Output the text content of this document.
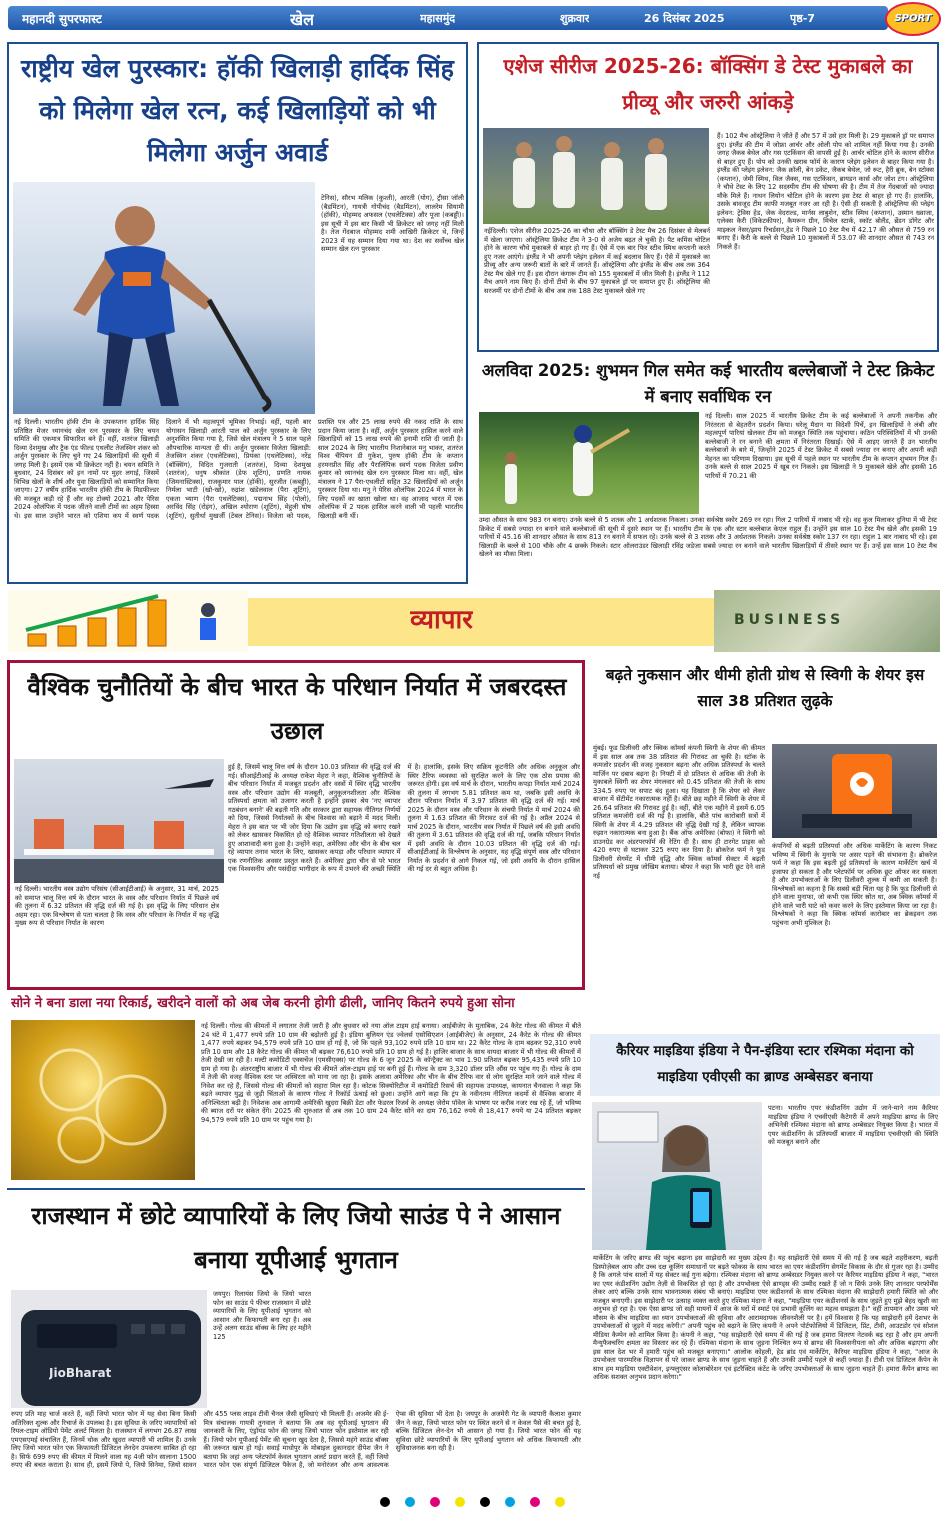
महानदी सुपरफास्ट	खेल	महासमुंद	शुक्रवार	26 दिसंबर 2025	पृष्ठ-7	SPORT
राष्ट्रीय खेल पुरस्कार: हॉकी खिलाड़ी हार्दिक सिंह को मिलेगा खेल रत्न, कई खिलाड़ियों को भी मिलेगा अर्जुन अवार्ड
टेनिस), सौरभ मलिक (कुश्ती), आरती (योग), ट्रीसा जॉली (बैडमिंटन), गायत्री गोपीचंद (बैडमिंटन), लालरेम सियामी (हॉकी), मोहम्मद अफसल (एथलेटिक्स) और पूजा (कबड्डी)। इस सूची में इस बार किसी भी क्रिकेटर को जगह नहीं मिली है। तेज गेंदबाज मोहम्मद शमी आखिरी क्रिकेटर थे, जिन्हें 2023 में यह सम्मान दिया गया था। देश का सर्वोच्च खेल सम्मान खेल रत्न पुरस्कार
नई दिल्ली। भारतीय हॉकी टीम के उपकप्तान हार्दिक सिंह प्रतिष्ठित मेजर ध्यानचंद खेल रत्न पुरस्कार के लिए चयन समिति की एकमात्र सिफारिश बने हैं। वहीं, शतरंज खिलाड़ी दिव्या देशमुख और ट्रैक एंड फील्ड एथलीट तेजस्विन शंकर को अर्जुन पुरस्कार के लिए चुने गए 24 खिलाड़ियों की सूची में जगह मिली है। इसमें एक भी क्रिकेटर नहीं है। चयन समिति ने बुधवार, 24 दिसंबर को इन नामों पर मुहर लगाई, जिसमें विभिन्न खेलों के शीर्ष और युवा खिलाड़ियों को सम्मानित किया जाएगा। 27 वर्षीय हार्दिक भारतीय हॉकी टीम के मिडफील्डर की मजबूत कड़ी रहे हैं और वह टोक्यो 2021 और पेरिस 2024 ओलंपिक में पदक जीतने वाली टीमों का अहम हिस्सा थे। इस साल उन्होंने भारत को एशिया कप में स्वर्ण पदक दिलाने में भी महत्वपूर्ण भूमिका निभाई। वहीं, पहली बार योगासन खिलाड़ी आरती पाल को अर्जुन पुरस्कार के लिए अनुशंसित किया गया है, जिसे खेल मंत्रालय ने 5 साल पहले औपचारिक मान्यता दी थी। अर्जुन पुरस्कार विजेता खिलाड़ी: तेजस्विन शंकर (एथलेटिक्स), प्रियंका (एथलेटिक्स), नरेंद्र (बॉक्सिंग), विदित गुजराती (शतरंज), दिव्या देशमुख (शतरंज), धनुष श्रीकांत (डेफ शूटिंग), प्रणति नायक (जिमनास्टिक्स), राजकुमार पाल (हॉकी), सुरजीत (कबड्डी), निर्मला भाटी (खो-खो), रुद्रांश खंडेलवाल (पैरा शूटिंग), एकता भ्याण (पैरा एथलेटिक्स), पद्मनाभ सिंह (पोलो), अरविंद सिंह (रोइंग), अखिल श्योराण (शूटिंग), मेहुली घोष (शूटिंग), सुतीर्था मुखर्जी (टेबल टेनिस)। विजेता को पदक, प्रशस्ति पत्र और 25 लाख रुपये की नकद राशि के साथ प्रदान किया जाता है। वहीं, अर्जुन पुरस्कार हासिल करने वाले खिलाड़ियों को 15 लाख रुपये की इनामी राशि दी जाती है। साल 2024 के लिए भारतीय निशानेबाज मनु भाकर, शतरंज विश्व चैंपियन डी गुकेश, पुरुष हॉकी टीम के कप्तान हरमनप्रीत सिंह और पैरालिंपिक स्वर्ण पदक विजेता प्रवीण कुमार को ध्यानचंद खेल रत्न पुरस्कार मिला था। वहीं, खेल मंत्रालय ने 17 पैरा-एथलीटों सहित 32 खिलाड़ियों को अर्जुन पुरस्कार दिया था। मनु ने पेरिस ओलंपिक 2024 में भारत के लिए पदकों का खाता खोला था। वह आजाद भारत में एक ओलंपिक में 2 पदक हासिल करने वाली भी पहली भारतीय खिलाड़ी बनी थीं।
एशेज सीरीज 2025-26: बॉक्सिंग डे टेस्ट मुकाबले का प्रीव्यू और जरुरी आंकड़े
नईदिल्ली। एशेज सीरीज 2025-26 का चौथा और बॉक्सिंग डे टेस्ट मैच 26 दिसंबर से मेलबर्न में खेला जाएगा। ऑस्ट्रेलिया क्रिकेट टीम ने 3-0 से अजेय बढ़त ले चुकी है। पैट कमिंस चोटिल होने के कारण चौथे मुकाबले से बाहर हो गए हैं। ऐसे में एक बार फिर स्टीव स्मिथ कप्तानी करते हुए नजर आएंगे। इंग्लैंड ने भी अपनी प्लेइंग इलेवन में कई बदलाव किए हैं। ऐसे में मुकाबले का प्रीव्यू और अन्य जरूरी बातों के बारे में जानते हैं। ऑस्ट्रेलिया और इंग्लैंड के बीच अब तक 364 टेस्ट मैच खेले गए हैं। इस दौरान कंगारू टीम को 155 मुकाबलों में जीत मिली है। इंग्लैंड ने 112 मैच अपने नाम किए हैं। दोनों टीमों के बीच 97 मुकाबले ड्रॉ पर समाप्त हुए हैं। ऑस्ट्रेलिया की सरजमीं पर दोनों टीमों के बीच अब तक 188 टेस्ट मुकाबले खेले गए
हैं। 102 मैच ऑस्ट्रेलिया ने जीते हैं और 57 में उसे हार मिली है। 29 मुकाबले ड्रॉ पर समाप्त हुए। इंग्लैंड की टीम में जोफ्रा आर्चर और ओली पोप को शामिल नहीं किया गया है। उनकी जगह जैकब बेथेल और गस एटकिंसन की वापसी हुई है। आर्चर चोटिल होने के कारण सीरीज से बाहर हुए हैं। पोप को उनकी खराब फॉर्म के कारण प्लेइंग इलेवन से बाहर किया गया है। इंग्लैंड की प्लेइंग इलेवन: जैक क्रॉली, बेन डकेट, जैकब बेथेल, जो रूट, हैरी ब्रूक, बेन स्टोक्स (कप्तान), जेमी स्मिथ, विल जैक्स, गस एटकिंसन, ब्रायडन कार्स और जोश टंग। ऑस्ट्रेलिया ने चौथे टेस्ट के लिए 12 सदस्यीय टीम की घोषणा की है। टीम में तेज गेंदबाजों को ज्यादा मौके मिले हैं। नाथन लियोन चोटिल होने के कारण इस टेस्ट से बाहर हो गए हैं। हालांकि, उसके बावजूद टीम काफी मजबूत नजर आ रही है। ऐसी ही सकती है ऑस्ट्रेलिया की प्लेइंग इलेवन: ट्रेविस हेड, जेक वेदराल्ड, मार्नस लाबुशेन, स्टीव स्मिथ (कप्तान), उस्मान ख्वाजा, एलेक्स कैरी (विकेटकीपर), कैमरून ग्रीन, मिचेल स्टार्क, स्कॉट बोलैंड, ब्रेंडन डॉगेट और माइकल नेसर/झाय रिचर्डसन,हेड ने पिछले 10 टेस्ट मैच में 42.17 की औसत से 759 रन बनाए हैं। कैरी के बल्ले से पिछले 10 मुकाबलों में 53.07 की शानदार औसत से 743 रन निकले हैं।
अलविदा 2025: शुभमन गिल समेत कई भारतीय बल्लेबाजों ने टेस्ट क्रिकेट में बनाए सर्वाधिक रन
नई दिल्ली। साल 2025 में भारतीय क्रिकेट टीम के कई बल्लेबाजों ने अपनी तकनीक और निरंतरता से बेहतरीन प्रदर्शन किया। घरेलू मैदान या विदेशी पिचें, इन खिलाड़ियों ने लंबी और महत्वपूर्ण पारियां खेलकर टीम को मजबूत स्थिति तक पहुंचाया। कठिन परिस्थितियों में भी उनकी बल्लेबाजी ने रन बनाने की क्षमता में निरंतरता दिखाई। ऐसे में आइए जानते हैं उन भारतीय बल्लेबाजों के बारे में, जिन्होंने 2025 में टेस्ट क्रिकेट में सबसे ज्यादा रन बनाए और अपनी कड़ी मेहनत का परिणाम दिखाया। इस सूची में पहले स्थान पर भारतीय टीम के कप्तान शुभमन गिल हैं। उनके बल्ले से साल 2025 में खूब रन निकले। इस खिलाड़ी ने 9 मुकाबले खेले और इसकी 16 पारियों में 70.21 की
उम्दा औसत के साथ 983 रन बनाए। उनके बल्ले से 5 शतक और 1 अर्धशतक निकला। उनका सर्वश्रेष्ठ स्कोर 269 रन रहा। गिल 2 पारियों में नाबाद भी रहे। वह कुल मिलाकर दुनिया में भी टेस्ट क्रिकेट में सबसे ज्यादा रन बनाने वाले बल्लेबाजों की सूची में दूसरे स्थान पर हैं। भारतीय टीम के एक और स्टार बल्लेबाज केएल राहुल हैं। उन्होंने इस साल 10 टेस्ट मैच खेले और इसकी 19 पारियों में 45.16 की शानदार औसत के साथ 813 रन बनाने में सफल रहे। उनके बल्ले से 3 शतक और 3 अर्धशतक निकले। उनका सर्वश्रेष्ठ स्कोर 137 रन रहा। राहुल 1 बार नाबाद भी रहे। इस खिलाड़ी के बल्ले से 100 चौके और 4 छक्के निकले। स्टार ऑलराउंडर खिलाड़ी रविंद्र जडेजा सबसे ज्यादा रन बनाने वाले भारतीय खिलाड़ियों में तीसरे स्थान पर हैं। उन्हें इस साल 10 टेस्ट मैच खेलने का मौका मिला।
व्यापार	BUSINESS
वैश्विक चुनौतियों के बीच भारत के परिधान निर्यात में जबरदस्त उछाल
नई दिल्ली। भारतीय वस्त्र उद्योग परिसंघ (सीआईटीआई) के अनुसार, 31 मार्च, 2025 को समाप्त चालू वित्त वर्ष के दौरान भारत के वस्त्र और परिधान निर्यात में पिछले वर्ष की तुलना में 6.32 प्रतिशत की वृद्धि दर्ज की गई है। इस वृद्धि के लिए परिधान क्षेत्र अहम रहा। एक विश्लेषण से पता चलता है कि वस्त्र और परिधान के निर्यात में यह वृद्धि मुख्य रूप से परिधान निर्यात के कारण
हुई है, जिसमें चालू वित्त वर्ष के दौरान 10.03 प्रतिशत की वृद्धि दर्ज की गई। सीआईटीआई के अध्यक्ष राकेश मेहरा ने कहा, वैश्विक चुनौतियों के बीच परिधान निर्यात में मजबूत प्रदर्शन और वस्त्रों में स्थिर वृद्धि भारतीय वस्त्र और परिधान उद्योग की मजबूती, अनुकूलनशीलता और वैश्विक प्रतिस्पर्धा क्षमता को उजागर करती है इन्होंने इसका श्रेय 'नए व्यापार गठबंधन बनाने' की बढ़ती गति और सरकार द्वारा सहायक नीतिगत निर्णयों को दिया, जिससे निर्यातकों के बीच विश्वास को बढ़ाने में मदद मिली। मेहरा ने इस बात पर भी जोर दिया कि उद्योग इस वृद्धि को बनाए रखने को लेकर खासकर विकसित हो रहे वैश्विक व्यापार गतिशीलता को देखते हुए आशावादी बना हुआ है। उन्होंने कहा, अमेरिका और चीन के बीच चल रहे व्यापार तनाव भारत के लिए, खासकर कपड़ा और परिधान व्यापार में एक रणनीतिक अवसर प्रस्तुत करते हैं। अमेरिका द्वारा चीन से परे भारत एक विश्वसनीय और पसंदीदा भागीदार के रूप में उभरने की अच्छी स्थिति में है। हालांकि, इसके लिए सक्रिय कूटनीति और अधिक अनुकूल और स्थिर टैरिफ व्यवस्था को सुरक्षित करने के लिए एक ठोस प्रयास की जरूरत होगी। इस वर्ष मार्च के दौरान, भारतीय कपड़ा निर्यात मार्च 2024 की तुलना में लगभग 5.81 प्रतिशत कम था, जबकि इसी अवधि के दौरान परिधान निर्यात में 3.97 प्रतिशत की वृद्धि दर्ज की गई। मार्च 2025 के दौरान वस्त्र और परिधान के संचयी निर्यात में मार्च 2024 की तुलना में 1.63 प्रतिशत की गिरावट दर्ज की गई है। अप्रैल 2024 से मार्च 2025 के दौरान, भारतीय वस्त्र निर्यात में पिछले वर्ष की इसी अवधि की तुलना में 3.61 प्रतिशत की वृद्धि दर्ज की गई, जबकि परिधान निर्यात में इसी अवधि के दौरान 10.03 प्रतिशत की वृद्धि दर्ज की गई। सीआईटीआई के विश्लेषण के अनुसार, यह वृद्धि संपूर्ण वस्त्र और परिधान निर्यात के प्रदर्शन से आगे निकल गई, जो इसी अवधि के दौरान हासिल की गई दर से बहुत अधिक है।
बढ़ते नुकसान और धीमी होती ग्रोथ से स्विगी के शेयर इस साल 38 प्रतिशत लुढ़के
मुंबई। फूड डिलीवरी और क्विक कॉमर्स कंपनी स्विगी के शेयर की कीमत में इस साल अब तक 38 प्रतिशत की गिरावट आ चुकी है। स्टॉक के कमजोर प्रदर्शन की वजह नुकसान बढ़ना और अधिक प्रतिस्पर्धा के चलते मार्जिन पर दबाव बढ़ना है। निफ्टी में दो प्रतिशत से अधिक की तेजी के मुकाबले स्विगी का शेयर मंगलवार को 0.45 प्रतिशत की तेजी के साथ 334.5 रुपए पर सपाट बंद हुआ। यह दिखाता है कि शेयर को लेकर बाजार में सेंटीमेंट नकारात्मक नहीं है। बीते छह महीने में स्विगी के शेयर में 26.64 प्रतिशत की गिरावट हुई है। वहीं, बीते एक महीने में इसमें 6.05 प्रतिशत कमजोरी दर्ज की गई है। हालांकि, बीते पांच कारोबारी सत्रों में स्विगी के शेयर में 4.29 प्रतिशत की वृद्धि देखी गई है, लेकिन व्यापक रुझान नकारात्मक बना हुआ है। बैंक ऑफ अमेरिका (बोफा) ने स्विगी को डाउनग्रेड कर अंडरपरफॉर्म की रेटिंग दी है। साथ ही टारगेट प्राइस को 420 रुपए से घटाकर 325 रुपए कर दिया है। ब्रोकरेज फर्म ने फूड डिलीवरी सेगमेंट में धीमी वृद्धि और क्विक कॉमर्स सेक्टर में बढ़ती प्रतिस्पर्धा को प्रमुख जोखिम बताया। बोफा ने कहा कि भारी छूट देने वाले नई
कंपनियों से बढ़ती प्रतिस्पर्धा और अधिक मार्केटिंग के कारण निकट भविष्य में स्विगी के मुनाफे पर असर पड़ने की संभावना है। ब्रोकरेज फर्म ने कहा कि इस बढ़ती हुई प्रतिस्पर्धा के कारण मार्केटिंग खर्च में इजाफा हो सकता है और प्लेटफॉर्म पर अधिक छूट ऑफर कर सकता है और उपभोक्ताओं के लिए डिलीवरी शुल्क में कमी आ सकती है। विश्लेषकों का कहना है कि सबसे बड़ी चिंता यह है कि फूड डिलीवरी से होने वाला मुनाफा, जो कभी एक स्थिर स्रोत था, अब क्विक कॉमर्स में होने वाले भारी घाटे को कवर करने के लिए इस्तेमाल किया जा रहा है। विश्लेषकों ने कहा कि क्विक कॉमर्स कारोबार का ब्रेकइवन तक पहुंचना अभी मुश्किल है।
सोने ने बना डाला नया रिकार्ड, खरीदने वालों को अब जेब करनी होगी ढीली, जानिए कितने रुपये हुआ सोना
नई दिल्ली। गोल्ड की कीमतों में लगातार तेजी जारी है और बुधवार को नया ऑल टाइम हाई बनाया। आईबीजेए के मुताबिक, 24 कैरेट गोल्ड की कीमत में बीते 24 घंटे में 1,477 रुपये प्रति 10 ग्राम की बढ़ोतरी हुई है। इंडिया बुलियन एंड ज्वेलर्स एसोसिएशन (आईबीजेए) के अनुसार, 24 कैरेट के गोल्ड की कीमत 1,477 रुपये बढ़कर 94,579 रुपये प्रति 10 ग्राम हो गई है, जो कि पहले 93,102 रुपये प्रति 10 ग्राम था। 22 कैरेट गोल्ड के दाम बढ़कर 92,310 रुपये प्रति 10 ग्राम और 18 कैरेट गोल्ड की कीमत भी बढ़कर 76,610 रुपये प्रति 10 ग्राम हो गई है। हाजिर बाजार के साथ वायदा बाजार में भी गोल्ड की कीमतों में तेजी देखी जा रही है। मल्टी कमोडिटी एक्सचेंज (एमसीएक्स) पर गोल्ड के 6 जून 2025 के कॉन्ट्रैक्ट का भाव 1.90 प्रतिशत बढ़कर 95,435 रुपये प्रति 10 ग्राम हो गया है। अंतरराष्ट्रीय बाजार में भी गोल्ड की कीमतें ऑल-टाइम हाई पर बनी हुई हैं। गोल्ड के दाम 3,320 डॉलर प्रति औंस पर पहुंच गए हैं। गोल्ड के दाम में तेजी की वजह वैश्विक स्तर पर अस्थिरता को माना जा रहा है। इसके अलावा अमेरिका और चीन के बीच टैरिफ वार से लोग सुरक्षित माने जाने वाले गोल्ड में निवेश कर रहे हैं, जिससे गोल्ड की कीमतों को सहारा मिल रहा है। कोटक सिक्योरिटीज में कमोडिटी रिसर्च की सहायक उपाध्यक्ष, कायनात चैनवाला ने कहा कि बढ़ते व्यापार युद्ध से जुड़ी चिंताओं के कारण गोल्ड ने रिकॉर्ड ऊंचाई को छुआ। उन्होंने आगे कहा कि ट्रंप के नवीनतम नीतिगत कदमों से वैश्विक बाजार में अनिश्चितता बढ़ी है। निवेशक अब आगामी अमेरिकी खुदरा बिक्री डेटा और फेडरल रिजर्व के अध्यक्ष जेरोम पॉवेल के भाषण पर करीब नजर रख रहे हैं, जो भविष्य की ब्याज दरों पर संकेत देंगे। 2025 की शुरुआत से अब तक 10 ग्राम 24 कैरेट सोने का दाम 76,162 रुपये से 18,417 रुपये या 24 प्रतिशत बढ़कर 94,579 रुपये प्रति 10 ग्राम पर पहुंच गया है।
कैरियर माइडिया इंडिया ने पैन-इंडिया स्टार रश्मिका मंदाना को माइडिया एवीएसी का ब्राण्ड अम्बेसडर बनाया
पटना। भारतीय एयर कंडीशनिंग उद्योग में जाने-माने नाम कैरियर माइडिया इंडिया ने एचवीएसी कैटेगरी में अपने माइडिया ब्राण्ड के लिए अभिनेत्री रश्मिका मंदाना को ब्राण्ड अम्बेसडर नियुक्त किया है। भारत में एयर कंडीशनिंग के प्रतिस्पर्धी बाजार में माइडिया एचवीएसी की स्थिति को मजबूत बनाने और
मार्केटिंग के जरिए ब्राण्ड की पहुंच बढ़ाना इस साझेदारी का मुख्य उद्देश्य है। यह साझेदारी ऐसे समय में की गई है जब बढ़ते शहरीकरण, बढ़ती डिस्पोज़ेबल आय और उच्च दक्ष कूलिंग समाधानों पर बढ़ते फोकस के साथ भारत का एयर कंडीशनिंग सेगमेंट विकास के दौर से गुजर रहा है। उम्मीद है कि अगले पांच सालों में यह सेक्टर कई गुना बढ़ेगा। रश्मिका मंदाना को ब्राण्ड अम्बेसडर नियुक्त करने पर कैरियर माइडिया इंडिया ने कहा, "भारत का एयर कंडीशनिंग उद्योग तेज़ी से विकसित हो रहा है और उपभोक्ता ऐसे ब्राण्ड्स की उम्मीद रखते हैं जो न सिर्फ उनके लिए शानदार परफोर्मेंस लेकर आएं बल्कि उनके साथ भावनात्मक संबंध भी बनाएं। माइडिया एयर कंडीशनर्स के साथ रश्मिका मंदाना की साझेदारी हमारी स्थिति को और मजबूत बनाएगी। इस साझेदारी पर उत्साह व्यक्त करते हुए रश्मिका मंदाना ने कहा, "माइडिया एयर कंडीशनर्स के साथ जुड़ते हुए मुझे बेहद खुशी का अनुभव हो रहा है। एक ऐसा ब्राण्ड जो सही मायनों में आज के घरों में स्मार्ट एवं प्रभावी कूलिंग का महत्व समझता है।" वहीं तापमान और उमस भरे मौसम के बीच माइडिया का ध्यान उपभोक्ताओं की सुविधा और आरामदायक जीवनशैली पर है। हमें विश्वास है कि यह साझेदारी हमें देशभर के उपभोक्ताओं से जुड़ने में मदद करेगी।" अपनी पहुंच को बढ़ाने के लिए कंपनी ने अपने पोर्टफोलियो में डिजिटल, प्रिंट, टीवी, आउटडोर एवं सोशल मीडिया कैम्पेन को शामिल किया है। कंपनी ने कहा, "यह साझेदारी ऐसे समय में की गई है जब हमारा वितरण नेटवर्क बढ़ रहा है और हम अपनी मैन्युफैक्चरिंग क्षमता का विस्तार कर रहे हैं। रश्मिका मंदाना के साथ जुड़ना निश्चित रूप से ब्राण्ड की विश्वसनीयता को और अधिक बढ़ाएगा और इस साल देश भर में हमारी पहुंच को मजबूत बनाएगा।" आलोक कोहली, हेड ब्रांड एवं मार्केटिंग, कैरियर माइडिया इंडिया ने कहा, "आज के उपभोक्ता पारम्परिक विज्ञापन से परे जाकर ब्राण्ड के साथ जुड़ना चाहते हैं और उनकी उम्मीदें पहले से कहीं ज्यादा हैं। टीवी एवं डिजिटल कैंपेन के साथ हम माइडिया एक्टीवेशन, इन्फ्लुएंसर कोलाबोरेशन एवं इंटरैक्टिव कंटेंट के जरिए उपभोक्ताओं के साथ जुड़ना चाहते हैं। हमारा कैंपेन ब्राण्ड का अधिक सशक्त अनुभव प्रदान करेगा।"
राजस्थान में छोटे व्यापारियों के लिए जियो साउंड पे ने आसान बनाया यूपीआई भुगतान
JioBharat
जयपुर। रिलायंस जियो के जियो भारत फोन का साउंड पे फीचर राजस्थान में छोटे व्यापारियों के लिए यूपीआई भुगतान को आसान और किफायती बना रहा है। अब उन्हें अलग साउंड बॉक्स के लिए हर महीने 125
रुपए प्रति माह चार्ज करते हैं, वहीं जियो भारत फोन में यह सेवा बिना किसी अतिरिक्त शुल्क और रिचार्ज के उपलब्ध है। इस सुविधा के जरिए व्यापारियों को रियल-टाइम ऑडियो पेमेंट अलर्ट मिलता है। राजस्थान में लगभग 26.87 लाख एमएसएमई संचालित हैं, जिनमें थोक और खुदरा व्यापारी भी शामिल हैं। उनके लिए जियो भारत फोन एक किफायती डिजिटल लेनदेन उपकरण साबित हो रहा है। सिर्फ 699 रुपए की कीमत में मिलने वाला यह 4जी फोन सालाना 1500 रुपए की बचत कराता है। साथ ही, इसमें जियो पे, जियो सिनेमा, जियो सावन और 455 प्लस लाइव टीवी चैनल जैसी सुविधाएं भी मिलती हैं। अजमेर की ई-मित्र संचालक गायत्री तुनवाल ने बताया कि अब वह यूपीआई भुगतान की जानकारी के लिए, एंड्रॉयड फोन की जगह जियो भारत फोन इस्तेमाल कर रही हैं। जियो फोन यूपीआई पेमेंट की सूचना खुद देता है, जिससे महंगे साउंड बॉक्स की जरूरत खत्म हो गई। सवाई माधोपुर के मोबाइल दुकानदार दीपेश जैन ने बताया कि जहां अन्य प्लेटफॉर्म केवल भुगतान अलर्ट प्रदान करते हैं, वहीं जियो भारत फोन एक संपूर्ण डिजिटल पैकेज है, जो मनोरंजन और अन्य आवश्यक ऐप्स की सुविधा भी देता है। जयपुर के अजमेरी गेट के व्यापारी कैलाश कुमार जैन ने कहा, जियो भारत फोन पर स्थित करने से न केवल पैसे की बचत हुई है, बल्कि डिजिटल लेन-देन भी आसान हो गया है। जियो भारत फोन की यह सुविधा छोटे व्यापारियों के लिए यूपीआई भुगतान को अधिक किफायती और सुविधाजनक बना रही है।
